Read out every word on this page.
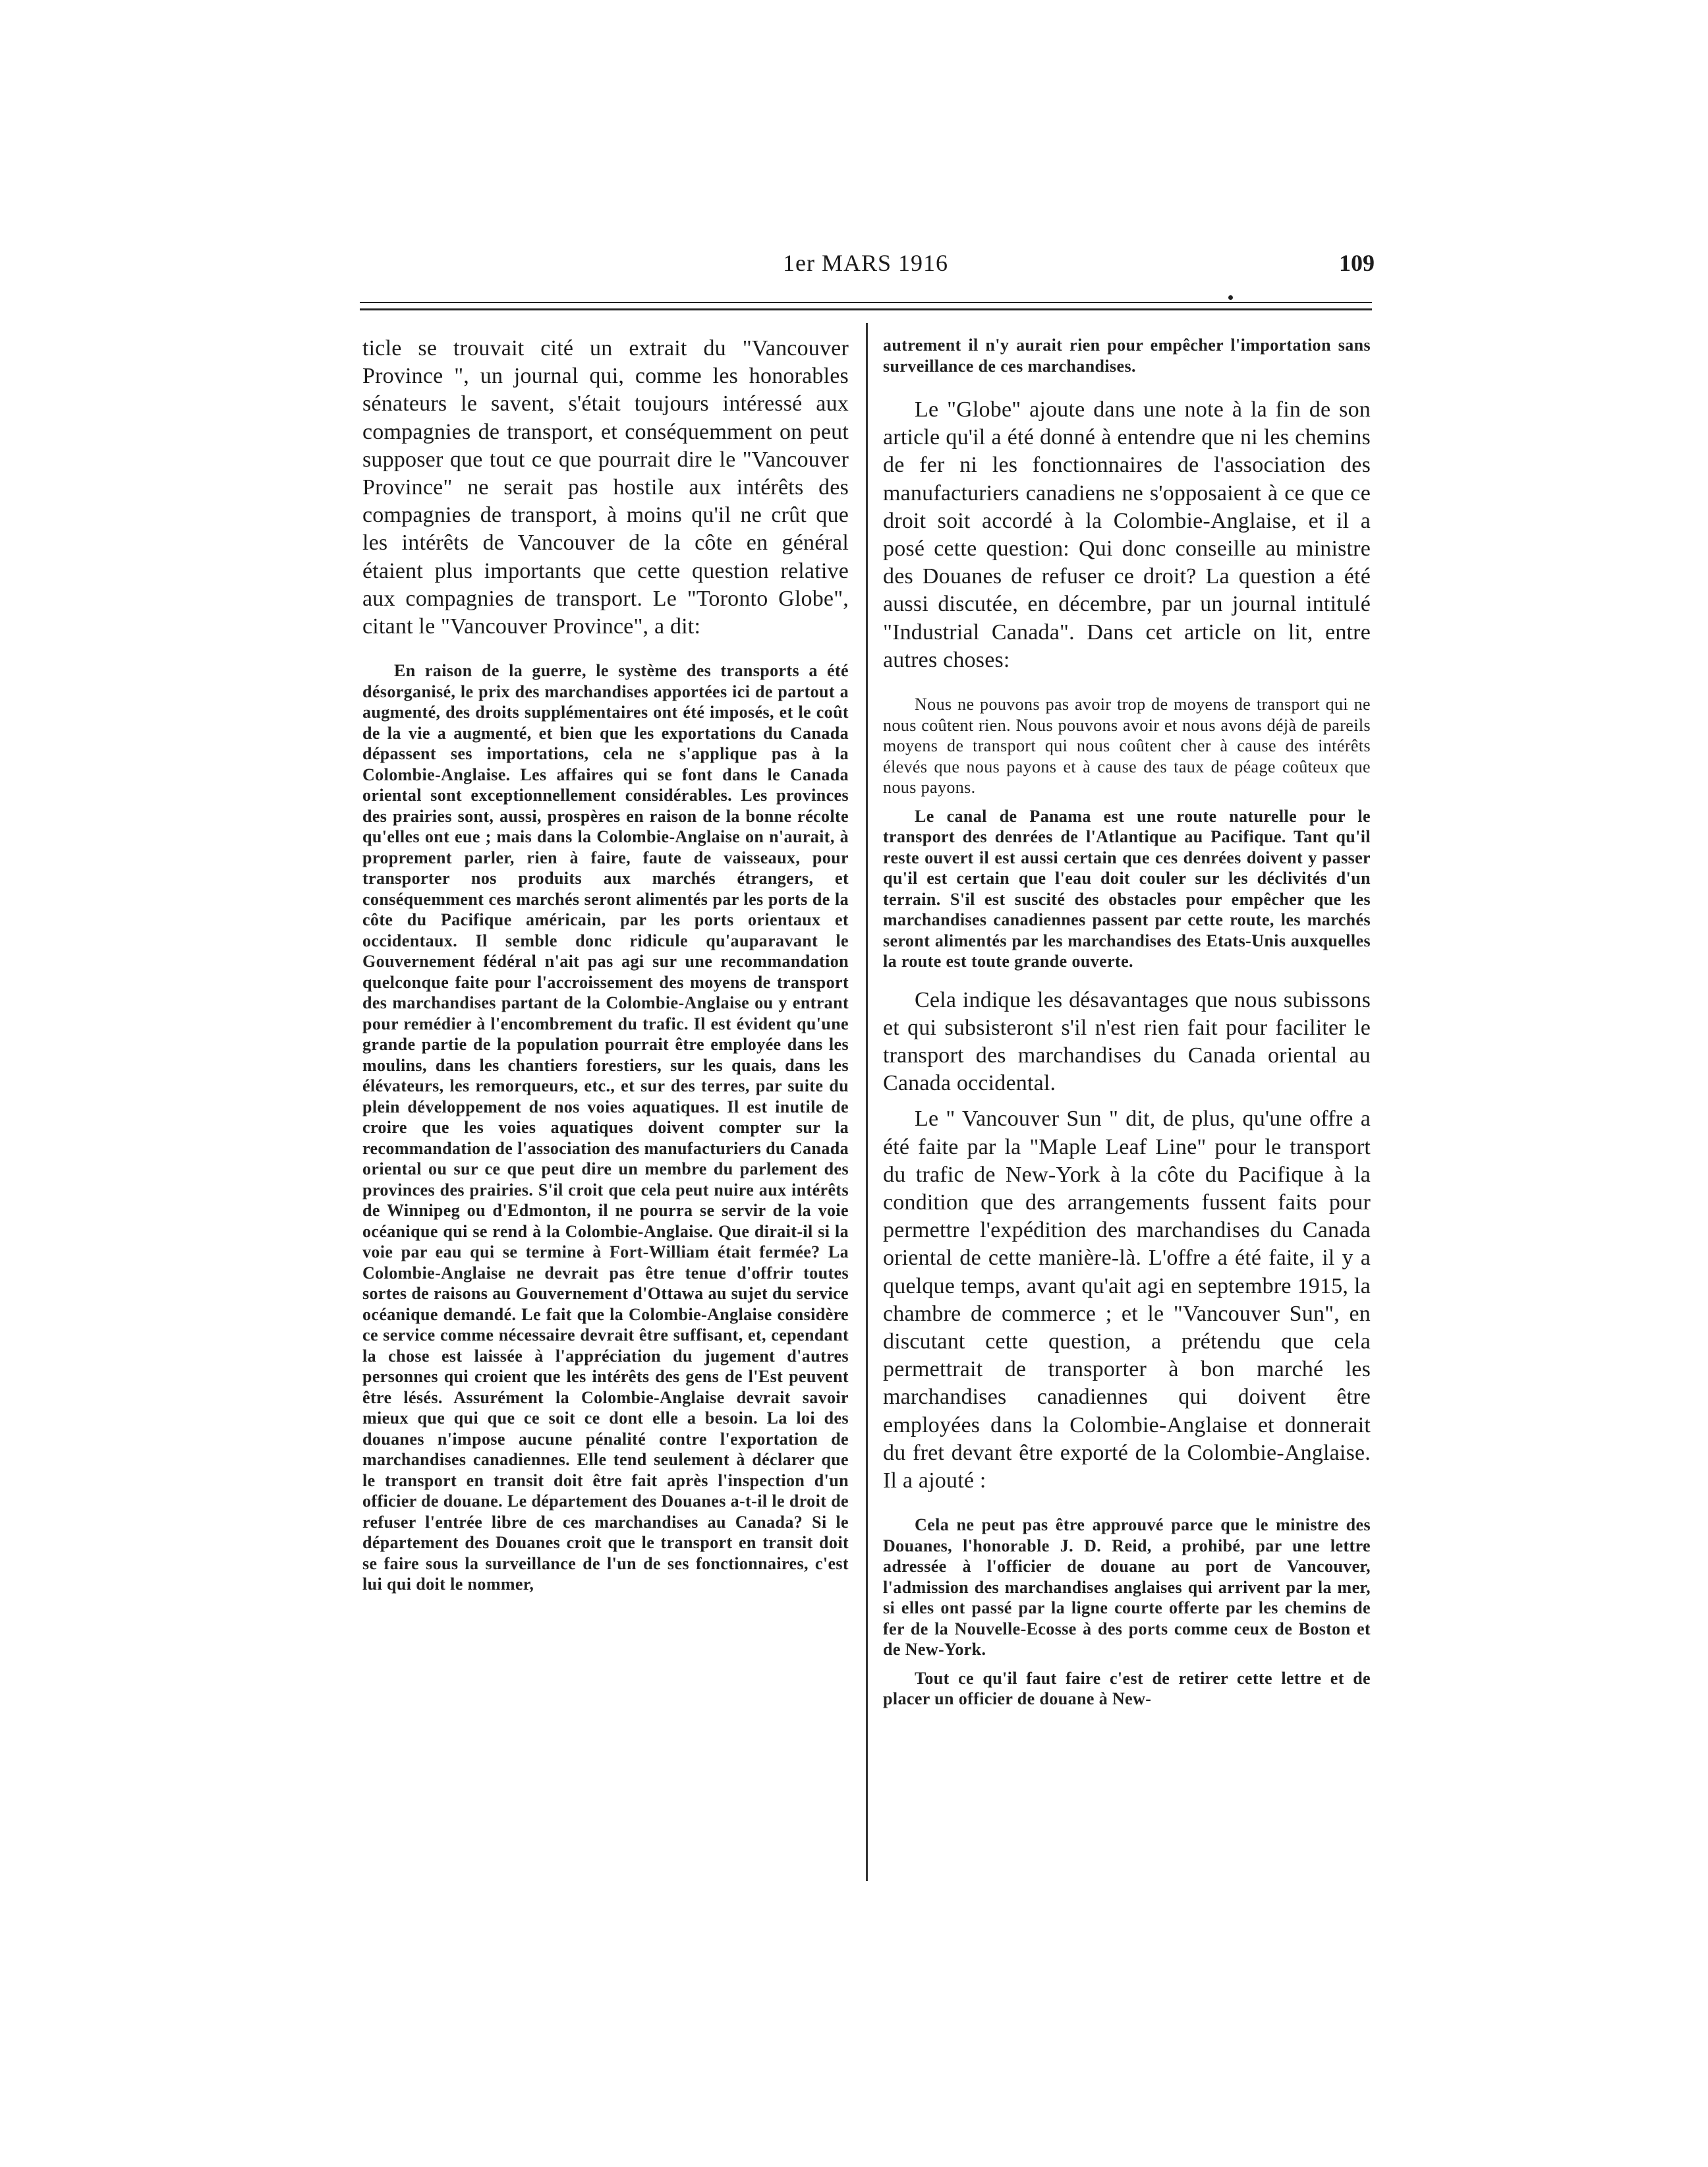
1er MARS 1916	109

ticle se trouvait cité un extrait du "Vancouver Province ", un journal qui, comme les honorables sénateurs le savent, s'était toujours intéressé aux compagnies de transport, et conséquemment on peut supposer que tout ce que pourrait dire le "Vancouver Province" ne serait pas hostile aux intérêts des compagnies de transport, à moins qu'il ne crût que les intérêts de Vancouver de la côte en général étaient plus importants que cette question relative aux compagnies de transport. Le "Toronto Globe", citant le "Vancouver Province", a dit:

En raison de la guerre, le système des transports a été désorganisé, le prix des marchandises apportées ici de partout a augmenté, des droits supplémentaires ont été imposés, et le coût de la vie a augmenté, et bien que les exportations du Canada dépassent ses importations, cela ne s'applique pas à la Colombie-Anglaise. Les affaires qui se font dans le Canada oriental sont exceptionnellement considérables. Les provinces des prairies sont, aussi, prospères en raison de la bonne récolte qu'elles ont eue ; mais dans la Colombie-Anglaise on n'aurait, à proprement parler, rien à faire, faute de vaisseaux, pour transporter nos produits aux marchés étrangers, et conséquemment ces marchés seront alimentés par les ports de la côte du Pacifique américain, par les ports orientaux et occidentaux. Il semble donc ridicule qu'auparavant le Gouvernement fédéral n'ait pas agi sur une recommandation quelconque faite pour l'accroissement des moyens de transport des marchandises partant de la Colombie-Anglaise ou y entrant pour remédier à l'encombrement du trafic. Il est évident qu'une grande partie de la population pourrait être employée dans les moulins, dans les chantiers forestiers, sur les quais, dans les élévateurs, les remorqueurs, etc., et sur des terres, par suite du plein développement de nos voies aquatiques. Il est inutile de croire que les voies aquatiques doivent compter sur la recommandation de l'association des manufacturiers du Canada oriental ou sur ce que peut dire un membre du parlement des provinces des prairies. S'il croit que cela peut nuire aux intérêts de Winnipeg ou d'Edmonton, il ne pourra se servir de la voie océanique qui se rend à la Colombie-Anglaise. Que dirait-il si la voie par eau qui se termine à Fort-William était fermée? La Colombie-Anglaise ne devrait pas être tenue d'offrir toutes sortes de raisons au Gouvernement d'Ottawa au sujet du service océanique demandé. Le fait que la Colombie-Anglaise considère ce service comme nécessaire devrait être suffisant, et, cependant la chose est laissée à l'appréciation du jugement d'autres personnes qui croient que les intérêts des gens de l'Est peuvent être lésés. Assurément la Colombie-Anglaise devrait savoir mieux que qui que ce soit ce dont elle a besoin. La loi des douanes n'impose aucune pénalité contre l'exportation de marchandises canadiennes. Elle tend seulement à déclarer que le transport en transit doit être fait après l'inspection d'un officier de douane. Le département des Douanes a-t-il le droit de refuser l'entrée libre de ces marchandises au Canada? Si le département des Douanes croit que le transport en transit doit se faire sous la surveillance de l'un de ses fonctionnaires, c'est lui qui doit le nommer,

autrement il n'y aurait rien pour empêcher l'importation sans surveillance de ces marchandises.

Le "Globe" ajoute dans une note à la fin de son article qu'il a été donné à entendre que ni les chemins de fer ni les fonctionnaires de l'association des manufacturiers canadiens ne s'opposaient à ce que ce droit soit accordé à la Colombie-Anglaise, et il a posé cette question: Qui donc conseille au ministre des Douanes de refuser ce droit? La question a été aussi discutée, en décembre, par un journal intitulé "Industrial Canada". Dans cet article on lit, entre autres choses:

Nous ne pouvons pas avoir trop de moyens de transport qui ne nous coûtent rien. Nous pouvons avoir et nous avons déjà de pareils moyens de transport qui nous coûtent cher à cause des intérêts élevés que nous payons et à cause des taux de péage coûteux que nous payons.

Le canal de Panama est une route naturelle pour le transport des denrées de l'Atlantique au Pacifique. Tant qu'il reste ouvert il est aussi certain que ces denrées doivent y passer qu'il est certain que l'eau doit couler sur les déclivités d'un terrain. S'il est suscité des obstacles pour empêcher que les marchandises canadiennes passent par cette route, les marchés seront alimentés par les marchandises des Etats-Unis auxquelles la route est toute grande ouverte.

Cela indique les désavantages que nous subissons et qui subsisteront s'il n'est rien fait pour faciliter le transport des marchandises du Canada oriental au Canada occidental.

Le " Vancouver Sun " dit, de plus, qu'une offre a été faite par la "Maple Leaf Line" pour le transport du trafic de New-York à la côte du Pacifique à la condition que des arrangements fussent faits pour permettre l'expédition des marchandises du Canada oriental de cette manière-là. L'offre a été faite, il y a quelque temps, avant qu'ait agi en septembre 1915, la chambre de commerce ; et le "Vancouver Sun", en discutant cette question, a prétendu que cela permettrait de transporter à bon marché les marchandises canadiennes qui doivent être employées dans la Colombie-Anglaise et donnerait du fret devant être exporté de la Colombie-Anglaise. Il a ajouté :

Cela ne peut pas être approuvé parce que le ministre des Douanes, l'honorable J. D. Reid, a prohibé, par une lettre adressée à l'officier de douane au port de Vancouver, l'admission des marchandises anglaises qui arrivent par la mer, si elles ont passé par la ligne courte offerte par les chemins de fer de la Nouvelle-Ecosse à des ports comme ceux de Boston et de New-York.

Tout ce qu'il faut faire c'est de retirer cette lettre et de placer un officier de douane à New-
